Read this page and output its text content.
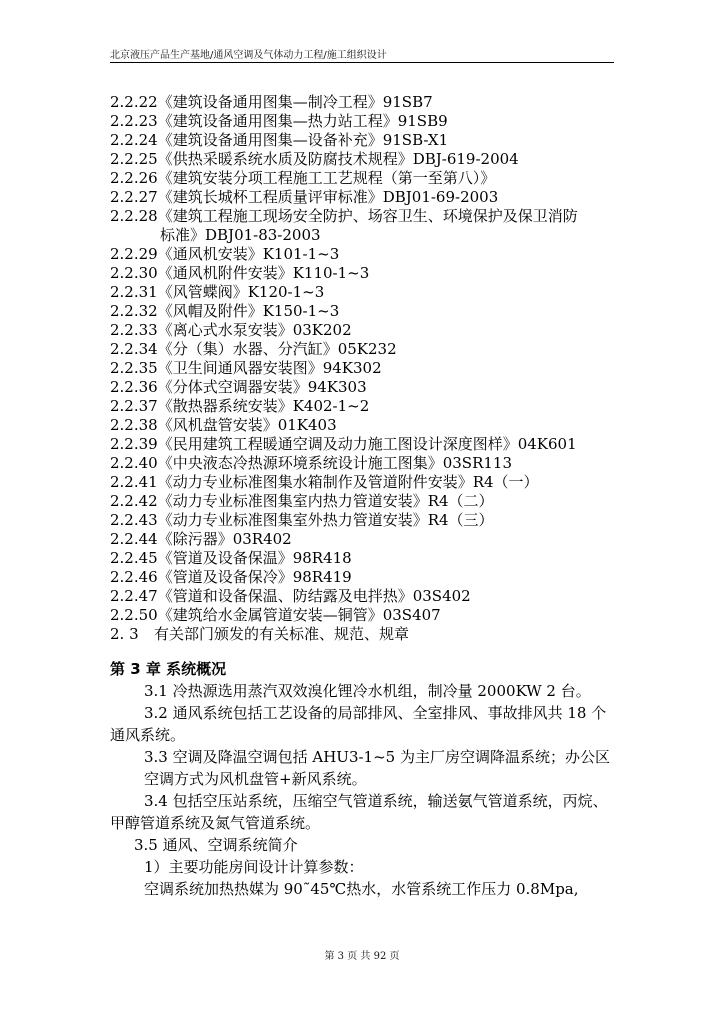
北京液压产品生产基地/通风空调及气体动力工程/施工组织设计

2.2.22《建筑设备通用图集—制冷工程》91SB7

2.2.23《建筑设备通用图集—热力站工程》91SB9

2.2.24《建筑设备通用图集—设备补充》91SB-X1

2.2.25《供热采暖系统水质及防腐技术规程》DBJ-619-2004

2.2.26《建筑安装分项工程施工工艺规程（第一至第八）》

2.2.27《建筑长城杯工程质量评审标准》DBJ01-69-2003

2.2.28《建筑工程施工现场安全防护、场容卫生、环境保护及保卫消防

标准》DBJ01-83-2003

2.2.29《通风机安装》K101-1~3

2.2.30《通风机附件安装》K110-1~3

2.2.31《风管蝶阀》K120-1~3

2.2.32《风帽及附件》K150-1~3

2.2.33《离心式水泵安装》03K202

2.2.34《分（集）水器、分汽缸》05K232

2.2.35《卫生间通风器安装图》94K302

2.2.36《分体式空调器安装》94K303

2.2.37《散热器系统安装》K402-1~2

2.2.38《风机盘管安装》01K403

2.2.39《民用建筑工程暖通空调及动力施工图设计深度图样》04K601

2.2.40《中央液态冷热源环境系统设计施工图集》03SR113

2.2.41《动力专业标准图集水箱制作及管道附件安装》R4（一）

2.2.42《动力专业标准图集室内热力管道安装》R4（二）

2.2.43《动力专业标准图集室外热力管道安装》R4（三）

2.2.44《除污器》03R402

2.2.45《管道及设备保温》98R418

2.2.46《管道及设备保冷》98R419

2.2.47《管道和设备保温、防结露及电拌热》03S402

2.2.50《建筑给水金属管道安装—铜管》03S407

2. 3 有关部门颁发的有关标准、规范、规章

第 3 章 系统概况

3.1 冷热源选用蒸汽双效溴化锂冷水机组，制冷量 2000KW 2 台。

3.2 通风系统包括工艺设备的局部排风、全室排风、事故排风共 18 个通风系统。

3.3 空调及降温空调包括 AHU3-1~5 为主厂房空调降温系统；办公区

空调方式为风机盘管+新风系统。

3.4 包括空压站系统，压缩空气管道系统，输送氨气管道系统，丙烷、甲醇管道系统及氮气管道系统。

3.5 通风、空调系统简介

1）主要功能房间设计计算参数：

空调系统加热热媒为 90˜45℃热水，水管系统工作压力 0.8Mpa,

第 3 页 共 92 页
